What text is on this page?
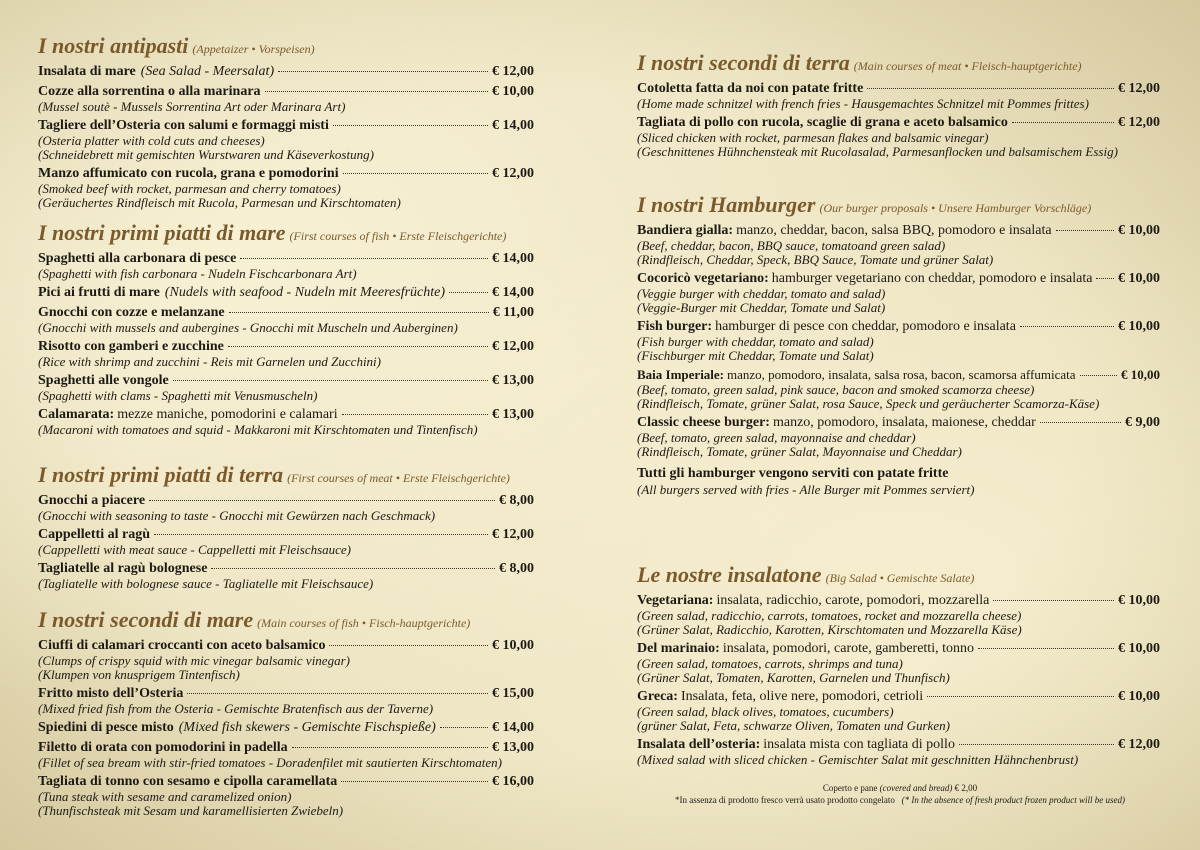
I nostri antipasti (Appetaizer • Vorspeisen)
Insalata di mare (Sea Salad - Meersalat)	€ 12,00
Cozze alla sorrentina o alla marinara	€ 10,00
(Mussel soutè - Mussels Sorrentina Art oder Marinara Art)
Tagliere dell’Osteria con salumi e formaggi misti	€ 14,00
(Osteria platter with cold cuts and cheeses)
(Schneidebrett mit gemischten Wurstwaren und Käseverkostung)
Manzo affumicato con rucola, grana e pomodorini	€ 12,00
(Smoked beef with rocket, parmesan and cherry tomatoes)
(Geräuchertes Rindfleisch mit Rucola, Parmesan und Kirschtomaten)
I nostri primi piatti di mare (First courses of fish • Erste Fleischgerichte)
Spaghetti alla carbonara di pesce	€ 14,00
(Spaghetti with fish carbonara - Nudeln Fischcarbonara Art)
Pici ai frutti di mare (Nudels with seafood - Nudeln mit Meeresfrüchte)	€ 14,00
Gnocchi con cozze e melanzane	€ 11,00
(Gnocchi with mussels and aubergines - Gnocchi mit Muscheln und Auberginen)
Risotto con gamberi e zucchine	€ 12,00
(Rice with shrimp and zucchini - Reis mit Garnelen und Zucchini)
Spaghetti alle vongole	€ 13,00
(Spaghetti with clams - Spaghetti mit Venusmuscheln)
Calamarata: mezze maniche, pomodorini e calamari	€ 13,00
(Macaroni with tomatoes and squid - Makkaroni mit Kirschtomaten und Tintenfisch)
I nostri primi piatti di terra (First courses of meat • Erste Fleischgerichte)
Gnocchi a piacere	€ 8,00
(Gnocchi with seasoning to taste - Gnocchi mit Gewürzen nach Geschmack)
Cappelletti al ragù	€ 12,00
(Cappelletti with meat sauce - Cappelletti mit Fleischsauce)
Tagliatelle al ragù bolognese	€ 8,00
(Tagliatelle with bolognese sauce - Tagliatelle mit Fleischsauce)
I nostri secondi di mare (Main courses of fish • Fisch-hauptgerichte)
Ciuffi di calamari croccanti con aceto balsamico	€ 10,00
(Clumps of crispy squid with mic vinegar balsamic vinegar)
(Klumpen von knusprigem Tintenfisch)
Fritto misto dell’Osteria	€ 15,00
(Mixed fried fish from the Osteria - Gemischte Bratenfisch aus der Taverne)
Spiedini di pesce misto (Mixed fish skewers - Gemischte Fischspieße)	€ 14,00
Filetto di orata con pomodorini in padella	€ 13,00
(Fillet of sea bream with stir-fried tomatoes - Doradenfilet mit sautierten Kirschtomaten)
Tagliata di tonno con sesamo e cipolla caramellata	€ 16,00
(Tuna steak with sesame and caramelized onion)
(Thunfischsteak mit Sesam und karamellisierten Zwiebeln)
I nostri secondi di terra (Main courses of meat • Fleisch-hauptgerichte)
Cotoletta fatta da noi con patate fritte	€ 12,00
(Home made schnitzel with french fries - Hausgemachtes Schnitzel mit Pommes frittes)
Tagliata di pollo con rucola, scaglie di grana e aceto balsamico	€ 12,00
(Sliced chicken with rocket, parmesan flakes and balsamic vinegar)
(Geschnittenes Hühnchensteak mit Rucolasalad, Parmesanflocken und balsamischem Essig)
I nostri Hamburger (Our burger proposals • Unsere Hamburger Vorschläge)
Bandiera gialla: manzo, cheddar, bacon, salsa BBQ, pomodoro e insalata	€ 10,00
(Beef, cheddar, bacon, BBQ sauce, tomatoand green salad)
(Rindfleisch, Cheddar, Speck, BBQ Sauce, Tomate und grüner Salat)
Cocoricò vegetariano: hamburger vegetariano con cheddar, pomodoro e insalata € 10,00
(Veggie burger with cheddar, tomato and salad)
(Veggie-Burger mit Cheddar, Tomate und Salat)
Fish burger: hamburger di pesce con cheddar, pomodoro e insalata	€ 10,00
(Fish burger with cheddar, tomato and salad)
(Fischburger mit Cheddar, Tomate und Salat)
Baia Imperiale: manzo, pomodoro, insalata, salsa rosa, bacon, scamorsa affumicata	€ 10,00
(Beef, tomato, green salad, pink sauce, bacon and smoked scamorza cheese)
(Rindfleisch, Tomate, grüner Salat, rosa Sauce, Speck und geräucherter Scamorza-Käse)
Classic cheese burger: manzo, pomodoro, insalata, maionese, cheddar	€ 9,00
(Beef, tomato, green salad, mayonnaise and cheddar)
(Rindfleisch, Tomate, grüner Salat, Mayonnaise und Cheddar)
Tutti gli hamburger vengono serviti con patate fritte
(All burgers served with fries - Alle Burger mit Pommes serviert)
Le nostre insalatone (Big Salad • Gemischte Salate)
Vegetariana: insalata, radicchio, carote, pomodori, mozzarella	€ 10,00
(Green salad, radicchio, carrots, tomatoes, rocket and mozzarella cheese)
(Grüner Salat, Radicchio, Karotten, Kirschtomaten und Mozzarella Käse)
Del marinaio: insalata, pomodori, carote, gamberetti, tonno	€ 10,00
(Green salad, tomatoes, carrots, shrimps and tuna)
(Grüner Salat, Tomaten, Karotten, Garnelen und Thunfisch)
Greca: Insalata, feta, olive nere, pomodori, cetrioli	€ 10,00
(Green salad, black olives, tomatoes, cucumbers)
(grüner Salat, Feta, schwarze Oliven, Tomaten und Gurken)
Insalata dell’osteria: insalata mista con tagliata di pollo	€ 12,00
(Mixed salad with sliced chicken - Gemischter Salat mit geschnitten Hähnchenbrust)
Coperto e pane (covered and bread) € 2,00
*In assenza di prodotto fresco verrà usato prodotto congelato (* In the absence of fresh product frozen product will be used)
